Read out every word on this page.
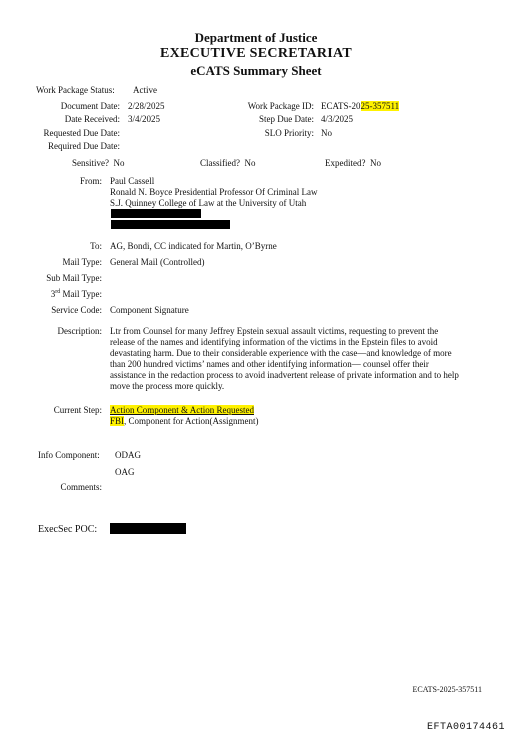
Department of Justice
EXECUTIVE SECRETARIAT
eCATS Summary Sheet
Work Package Status: Active
Document Date: 2/28/2025
Date Received: 3/4/2025
Requested Due Date:
Required Due Date:
Work Package ID: ECATS-2025-357511
Step Due Date: 4/3/2025
SLO Priority: No
Sensitive? No	Classified? No	Expedited? No
From: Paul Cassell
Ronald N. Boyce Presidential Professor Of Criminal Law
S.J. Quinney College of Law at the University of Utah
To: AG, Bondi, CC indicated for Martin, O’Byrne
Mail Type: General Mail (Controlled)
Sub Mail Type:
3rd Mail Type:
Service Code: Component Signature
Description: Ltr from Counsel for many Jeffrey Epstein sexual assault victims, requesting to prevent the release of the names and identifying information of the victims in the Epstein files to avoid devastating harm. Due to their considerable experience with the case—and knowledge of more than 200 hundred victims’ names and other identifying information— counsel offer their assistance in the redaction process to avoid inadvertent release of private information and to help move the process more quickly.
Current Step: Action Component & Action Requested
FBI, Component for Action(Assignment)
Info Component: ODAG
OAG
Comments:
ExecSec POC:
ECATS-2025-357511
EFTA00174461
